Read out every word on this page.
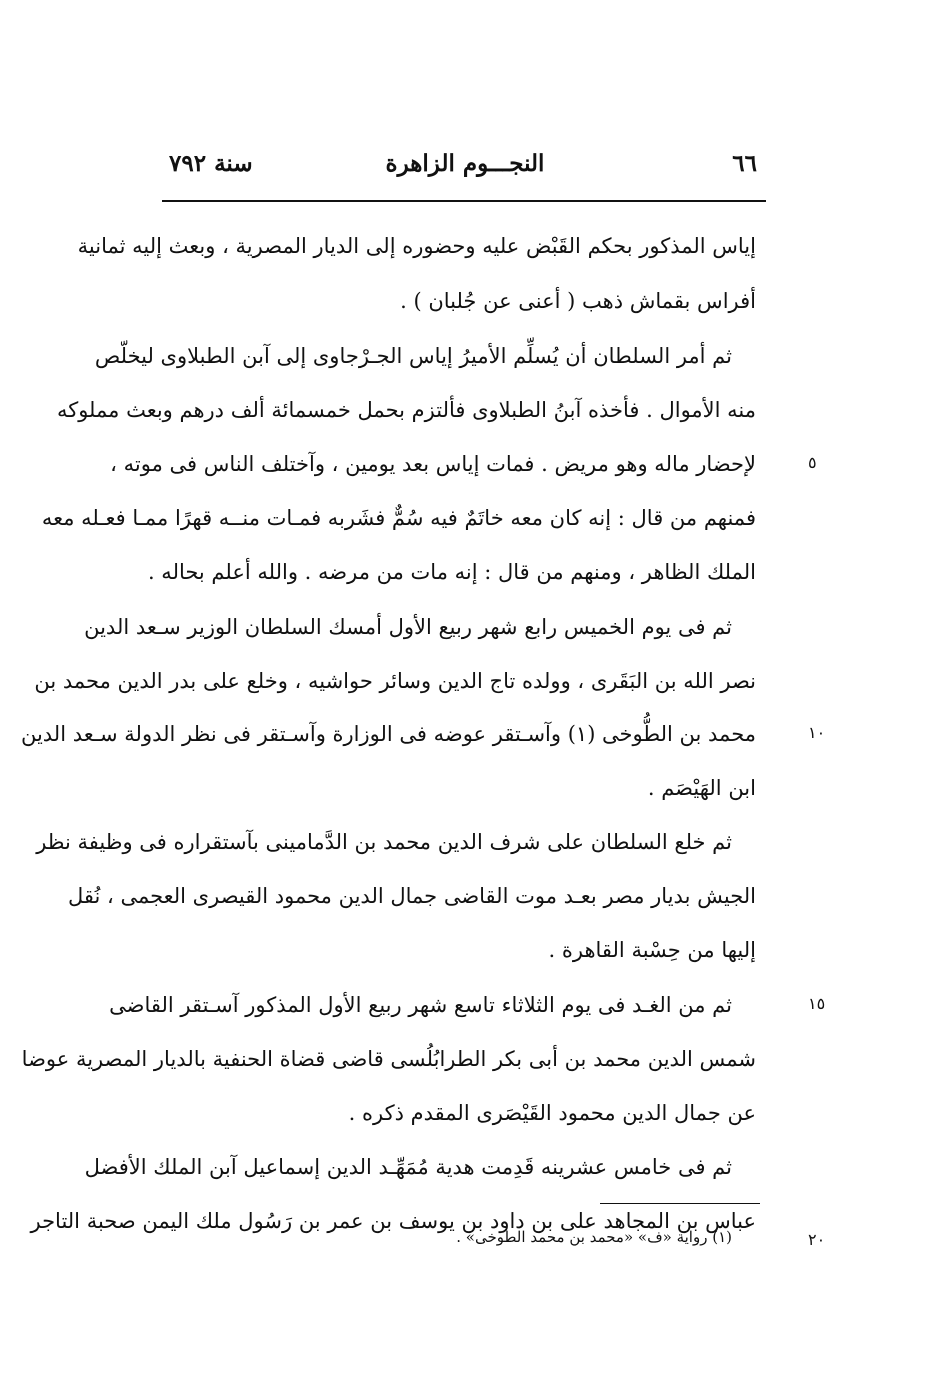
٦٦
النجـــوم الزاهرة
سنة ٧٩٢
إياس المذكور بحكم القَبْض عليه وحضوره إلى الديار المصرية ، وبعث إليه ثمانية
أفراس بقماش ذهب ( أعنى عن جُلبان ) .
ثم أمر السلطان أن يُسلِّم الأميرُ إياس الجـرْجاوى إلى آبن الطبلاوى ليخلّص
منه الأموال . فأخذه آبنُ الطبلاوى فألتزم بحمل خمسمائة ألف درهم وبعث مملوكه
لإحضار ماله وهو مريض . فمات إياس بعد يومين ، وآختلف الناس فى موته ،
فمنهم من قال : إنه كان معه خاتَمٌ فيه سُمٌّ فشَربه فمـات منــه قهرًا ممـا فعـله معه
الملك الظاهر ، ومنهم من قال : إنه مات من مرضه . والله أعلم بحاله .
ثم فى يوم الخميس رابع شهر ربيع الأول أمسك السلطان الوزير سـعد الدين
نصر الله بن البَقَرى ، وولده تاج الدين وسائر حواشيه ، وخلع على بدر الدين محمد بن
محمد بن الطُّوخى (١) وآسـتقر عوضه فى الوزارة وآسـتقر فى نظر الدولة سـعد الدين
ابن الهَيْصَم .
ثم خلع السلطان على شرف الدين محمد بن الدَّمامينى بآستقراره فى وظيفة نظر
الجيش بديار مصر بعـد موت القاضى جمال الدين محمود القيصرى العجمى ، نُقل
إليها من حِسْبة القاهرة .
ثم من الغـد فى يوم الثلاثاء تاسع شهر ربيع الأول المذكور آسـتقر القاضى
شمس الدين محمد بن أبى بكر الطرابُلُسى قاضى قضاة الحنفية بالديار المصرية عوضا
عن جمال الدين محمود القَيْصَرى المقدم ذكره .
ثم فى خامس عشرينه قَدِمت هدية مُمَهِّـد الدين إسماعيل آبن الملك الأفضل
عباس بن المجاهد على بن داود بن يوسف بن عمر بن رَسُول ملك اليمن صحبة التاجر
٥
١٠
١٥
٢٠
(١) رواية «ف» «محمد بن محمد الطوخى» .
